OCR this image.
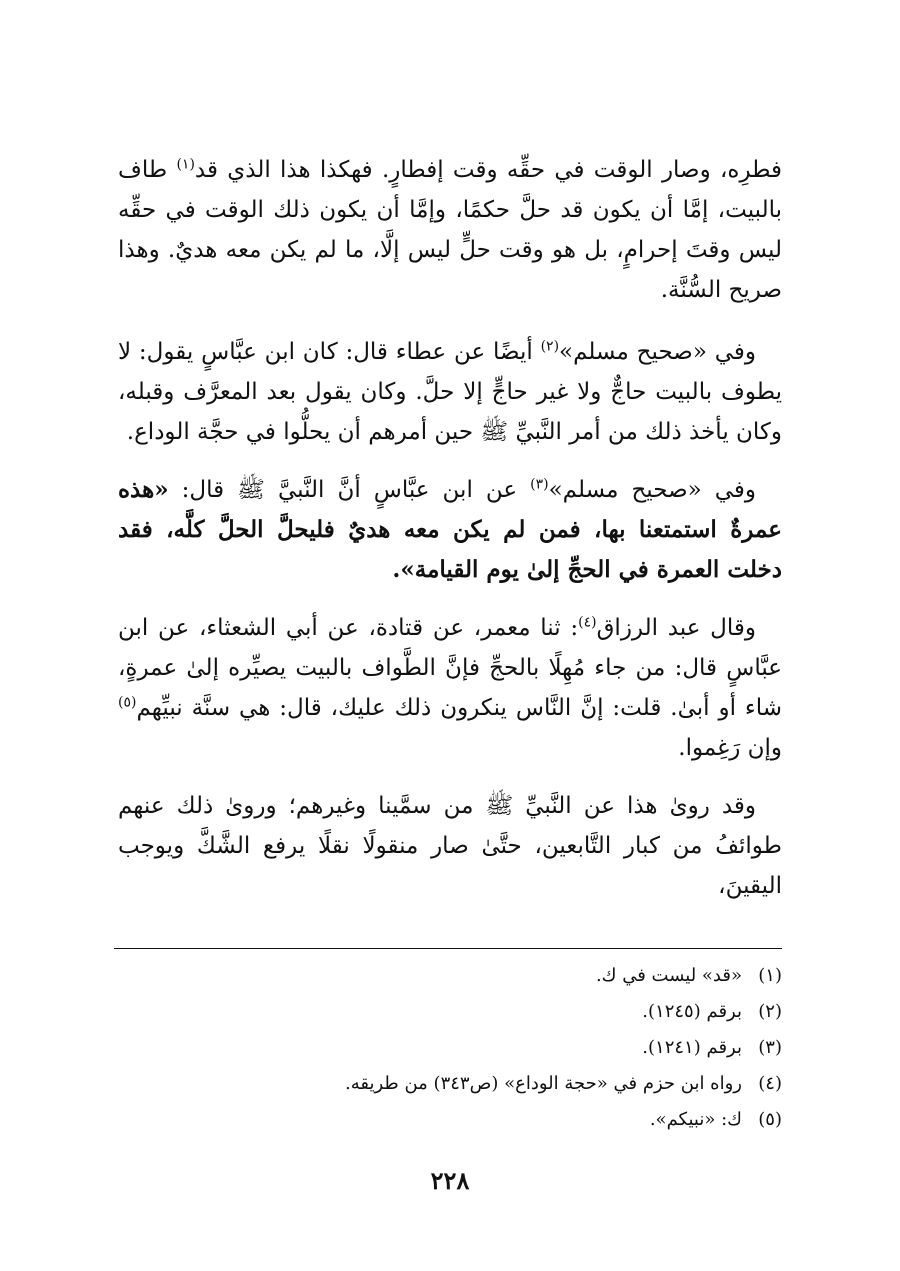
فطرِه، وصار الوقت في حقِّه وقت إفطارٍ. فهكذا هذا الذي قد$^{(١)}$ طاف بالبيت، إمَّا أن يكون قد حلَّ حكمًا، وإمَّا أن يكون ذلك الوقت في حقِّه ليس وقتَ إحرامٍ، بل هو وقت حلٍّ ليس إلَّا، ما لم يكن معه هديٌ. وهذا صريح السُّنَّة.

وفي «صحيح مسلم»$^{(٢)}$ أيضًا عن عطاء قال: كان ابن عبَّاسٍ يقول: لا يطوف بالبيت حاجٌّ ولا غير حاجٍّ إلا حلَّ. وكان يقول بعد المعرَّف وقبله، وكان يأخذ ذلك من أمر النَّبيِّ ﷺ حين أمرهم أن يحلُّوا في حجَّة الوداع.

وفي «صحيح مسلم»$^{(٣)}$ عن ابن عبَّاسٍ أنَّ النَّبيَّ ﷺ قال: «هذه عمرةٌ استمتعنا بها، فمن لم يكن معه هديٌ فليحلَّ الحلَّ كلَّه، فقد دخلت العمرة في الحجِّ إلىٰ يوم القيامة».

وقال عبد الرزاق$^{(٤)}$: ثنا معمر، عن قتادة، عن أبي الشعثاء، عن ابن عبَّاسٍ قال: من جاء مُهِلًا بالحجِّ فإنَّ الطَّواف بالبيت يصيِّره إلىٰ عمرةٍ، شاء أو أبىٰ. قلت: إنَّ النَّاس ينكرون ذلك عليك، قال: هي سنَّة نبيِّهم$^{(٥)}$ وإن رَغِموا.

وقد روىٰ هذا عن النَّبيِّ ﷺ من سمَّينا وغيرهم؛ ورویٰ ذلك عنهم طوائفُ من كبار التَّابعين، حتَّىٰ صار منقولًا نقلًا يرفع الشَّكَّ ويوجب اليقينَ،

(١)
«قد» ليست في ك.
(٢)
برقم (١٢٤٥).
(٣)
برقم (١٢٤١).
(٤)
رواه ابن حزم في «حجة الوداع» (ص٣٤٣) من طريقه.
(٥)
ك: «نبيكم».
٢٢٨
